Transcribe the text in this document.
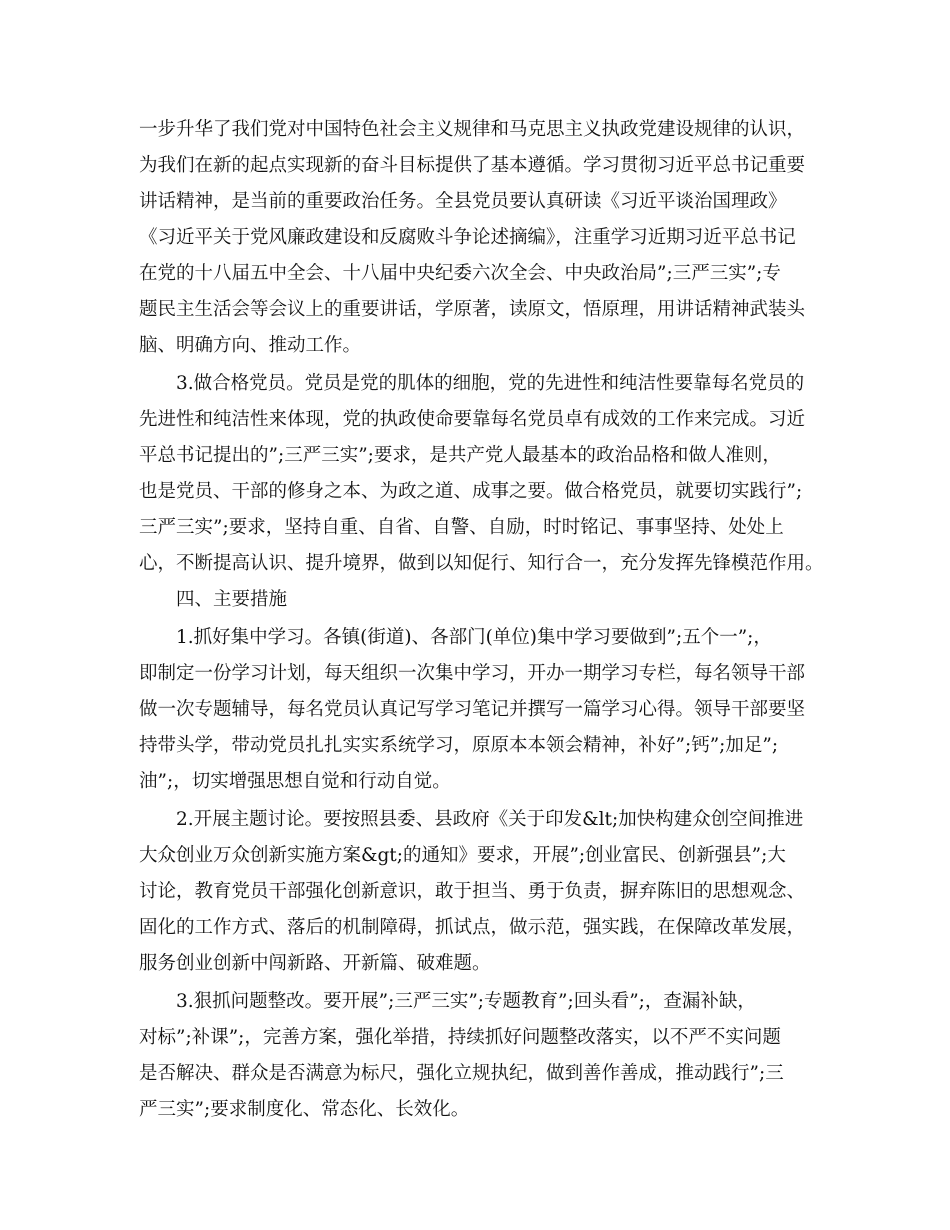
一步升华了我们党对中国特色社会主义规律和马克思主义执政党建设规律的认识，

为我们在新的起点实现新的奋斗目标提供了基本遵循。学习贯彻习近平总书记重要

讲话精神，是当前的重要政治任务。全县党员要认真研读《习近平谈治国理政》

《习近平关于党风廉政建设和反腐败斗争论述摘编》，注重学习近期习近平总书记

在党的十八届五中全会、十八届中央纪委六次全会、中央政治局”;三严三实”;专

题民主生活会等会议上的重要讲话，学原著，读原文，悟原理，用讲话精神武装头

脑、明确方向、推动工作。

3.做合格党员。党员是党的肌体的细胞，党的先进性和纯洁性要靠每名党员的

先进性和纯洁性来体现，党的执政使命要靠每名党员卓有成效的工作来完成。习近

平总书记提出的”;三严三实”;要求，是共产党人最基本的政治品格和做人准则，

也是党员、干部的修身之本、为政之道、成事之要。做合格党员，就要切实践行”;

三严三实”;要求，坚持自重、自省、自警、自励，时时铭记、事事坚持、处处上

心，不断提高认识、提升境界，做到以知促行、知行合一，充分发挥先锋模范作用。

四、主要措施

1.抓好集中学习。各镇(街道)、各部门(单位)集中学习要做到”;五个一”;，

即制定一份学习计划，每天组织一次集中学习，开办一期学习专栏，每名领导干部

做一次专题辅导，每名党员认真记写学习笔记并撰写一篇学习心得。领导干部要坚

持带头学，带动党员扎扎实实系统学习，原原本本领会精神，补好”;钙”;加足”;

油”;，切实增强思想自觉和行动自觉。

2.开展主题讨论。要按照县委、县政府《关于印发&lt;加快构建众创空间推进

大众创业万众创新实施方案&gt;的通知》要求，开展”;创业富民、创新强县”;大

讨论，教育党员干部强化创新意识，敢于担当、勇于负责，摒弃陈旧的思想观念、

固化的工作方式、落后的机制障碍，抓试点，做示范，强实践，在保障改革发展，

服务创业创新中闯新路、开新篇、破难题。

3.狠抓问题整改。要开展”;三严三实”;专题教育”;回头看”;，查漏补缺，

对标”;补课”;，完善方案，强化举措，持续抓好问题整改落实，以不严不实问题

是否解决、群众是否满意为标尺，强化立规执纪，做到善作善成，推动践行”;三

严三实”;要求制度化、常态化、长效化。
